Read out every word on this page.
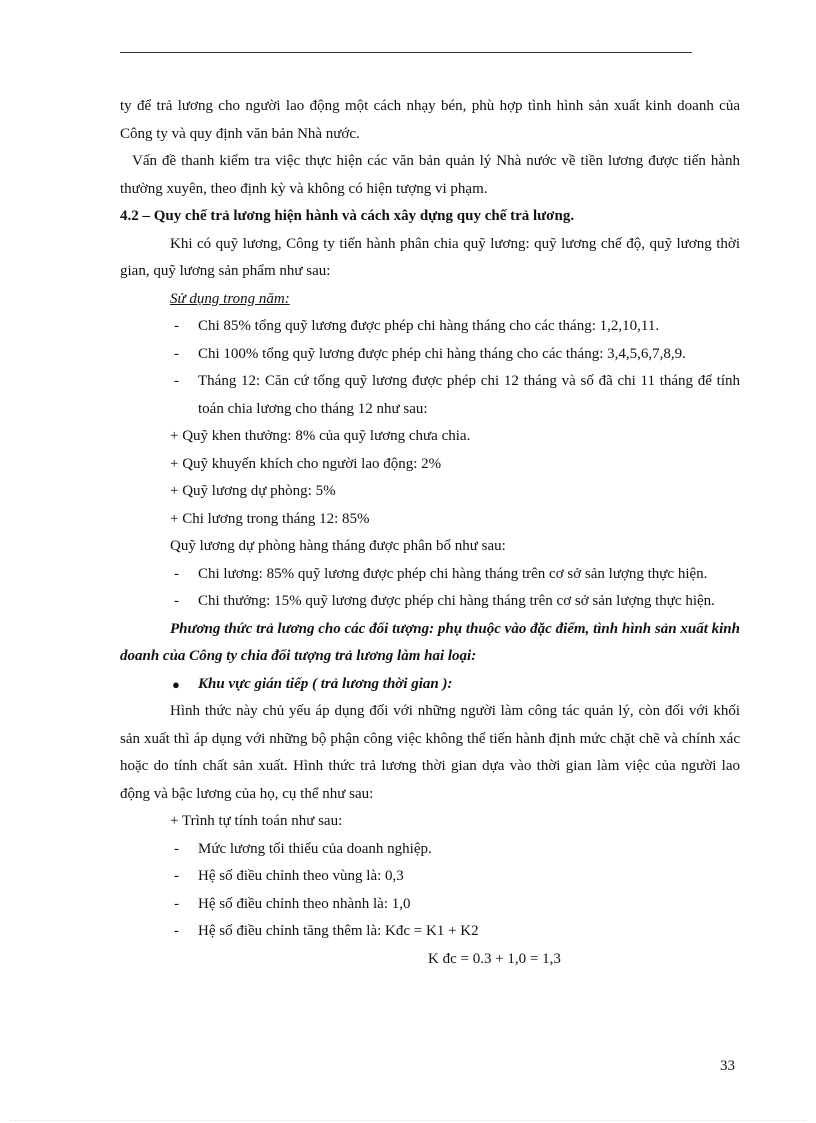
ty để trả lương cho người lao động một cách nhạy bén, phù hợp tình hình sản xuất kinh doanh của Công ty và quy định văn bản Nhà nước.

Vấn đề thanh kiểm tra việc thực hiện các văn bản quản lý Nhà nước về tiền lương được tiến hành thường xuyên, theo định kỳ và không có hiện tượng vi phạm.

4.2 – Quy chế trả lương hiện hành và cách xây dựng quy chế trả lương.

Khi có quỹ lương, Công ty tiến hành phân chia quỹ lương: quỹ lương chế độ, quỹ lương thời gian, quỹ lương sản phẩm như sau:

Sử dụng trong năm:

- Chi 85% tổng quỹ lương được phép chi hàng tháng cho các tháng: 1,2,10,11.
- Chi 100% tổng quỹ lương được phép chi hàng tháng cho các tháng: 3,4,5,6,7,8,9.
- Tháng 12: Căn cứ tổng quỹ lương được phép chi 12 tháng và số đã chi 11 tháng để tính toán chia lương cho tháng 12 như sau:

+ Quỹ khen thưởng: 8% của quỹ lương chưa chia.

+ Quỹ khuyến khích cho người lao động: 2%

+ Quỹ lương dự phòng: 5%

+ Chi lương trong tháng 12: 85%

Quỹ lương dự phòng hàng tháng được phân bổ như sau:

- Chi lương: 85% quỹ lương được phép chi hàng tháng trên cơ sở sản lượng thực hiện.
- Chi thưởng: 15% quỹ lương được phép chi hàng tháng trên cơ sở sản lượng thực hiện.

Phương thức trả lương cho các đối tượng: phụ thuộc vào đặc điểm, tình hình sản xuất kinh doanh của Công ty chia đối tượng trả lương làm hai loại:

● Khu vực gián tiếp ( trả lương thời gian ):

Hình thức này chủ yếu áp dụng đối với những người làm công tác quản lý, còn đối với khối sản xuất thì áp dụng với những bộ phận công việc không thể tiến hành định mức chặt chẽ và chính xác hoặc do tính chất sản xuất. Hình thức trả lương thời gian dựa vào thời gian làm việc của người lao động và bậc lương của họ, cụ thể như sau:

+ Trình tự tính toán như sau:

- Mức lương tối thiểu của doanh nghiệp.
- Hệ số điều chỉnh theo vùng là: 0,3
- Hệ số điều chỉnh theo nhành là: 1,0
- Hệ số điều chỉnh tăng thêm là: Kđc = K1 + K2

K đc = 0.3 + 1,0 = 1,3

33
